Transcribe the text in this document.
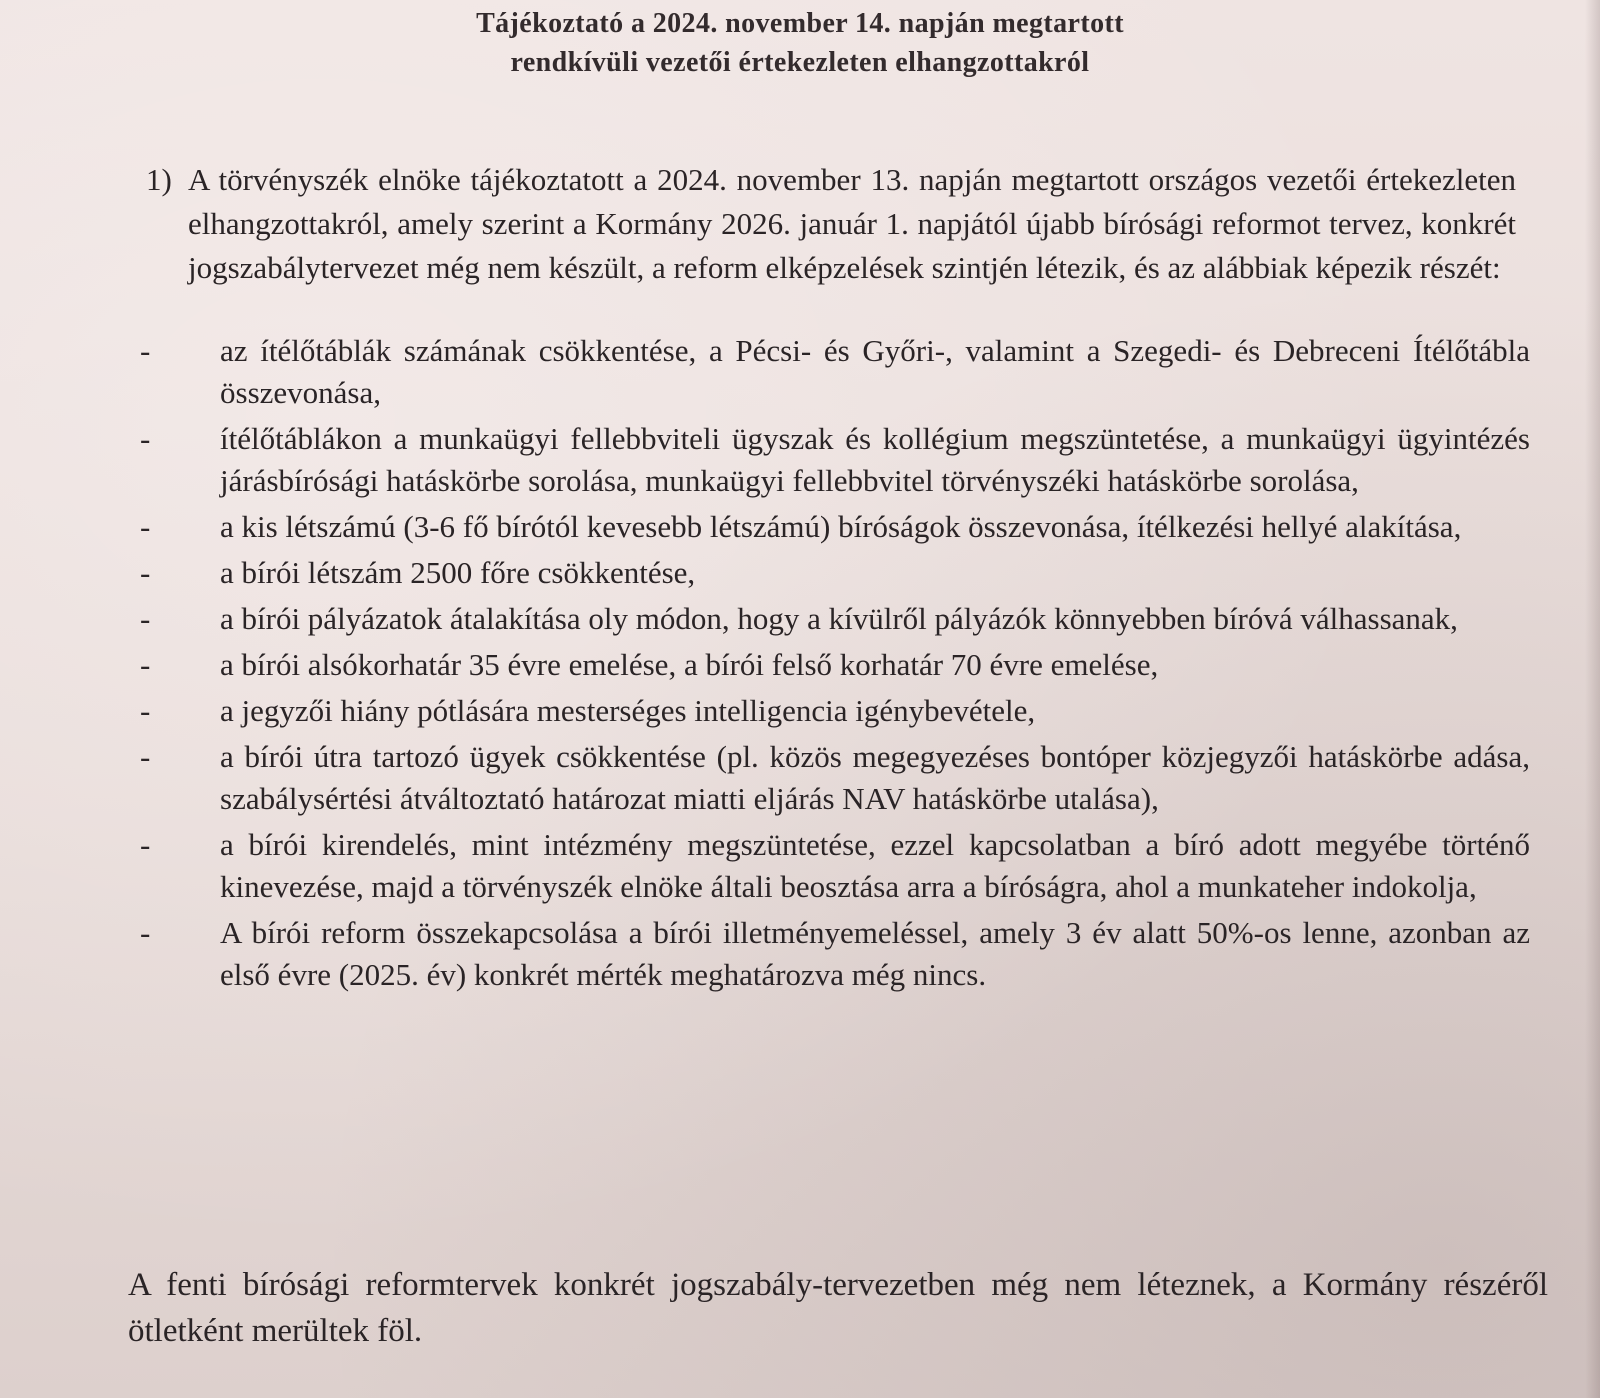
Tájékoztató a 2024. november 14. napján megtartott
rendkívüli vezetői értekezleten elhangzottakról
1) A törvényszék elnöke tájékoztatott a 2024. november 13. napján megtartott országos vezetői értekezleten elhangzottakról, amely szerint a Kormány 2026. január 1. napjától újabb bírósági reformot tervez, konkrét jogszabálytervezet még nem készült, a reform elképzelések szintjén létezik, és az alábbiak képezik részét:
- az ítélőtáblák számának csökkentése, a Pécsi- és Győri-, valamint a Szegedi- és Debreceni Ítélőtábla összevonása,
- ítélőtáblákon a munkaügyi fellebbviteli ügyszak és kollégium megszüntetése, a munkaügyi ügyintézés járásbírósági hatáskörbe sorolása, munkaügyi fellebbvitel törvényszéki hatáskörbe sorolása,
- a kis létszámú (3-6 fő bírótól kevesebb létszámú) bíróságok összevonása, ítélkezési hellyé alakítása,
- a bírói létszám 2500 főre csökkentése,
- a bírói pályázatok átalakítása oly módon, hogy a kívülről pályázók könnyebben bíróvá válhassanak,
- a bírói alsókorhatár 35 évre emelése, a bírói felső korhatár 70 évre emelése,
- a jegyzői hiány pótlására mesterséges intelligencia igénybevétele,
- a bírói útra tartozó ügyek csökkentése (pl. közös megegyezéses bontóper közjegyzői hatáskörbe adása, szabálysértési átváltoztató határozat miatti eljárás NAV hatáskörbe utalása),
- a bírói kirendelés, mint intézmény megszüntetése, ezzel kapcsolatban a bíró adott megyébe történő kinevezése, majd a törvényszék elnöke általi beosztása arra a bíróságra, ahol a munkateher indokolja,
- A bírói reform összekapcsolása a bírói illetményemeléssel, amely 3 év alatt 50%-os lenne, azonban az első évre (2025. év) konkrét mérték meghatározva még nincs.
A fenti bírósági reformtervek konkrét jogszabály-tervezetben még nem léteznek, a Kormány részéről ötletként merültek föl.
